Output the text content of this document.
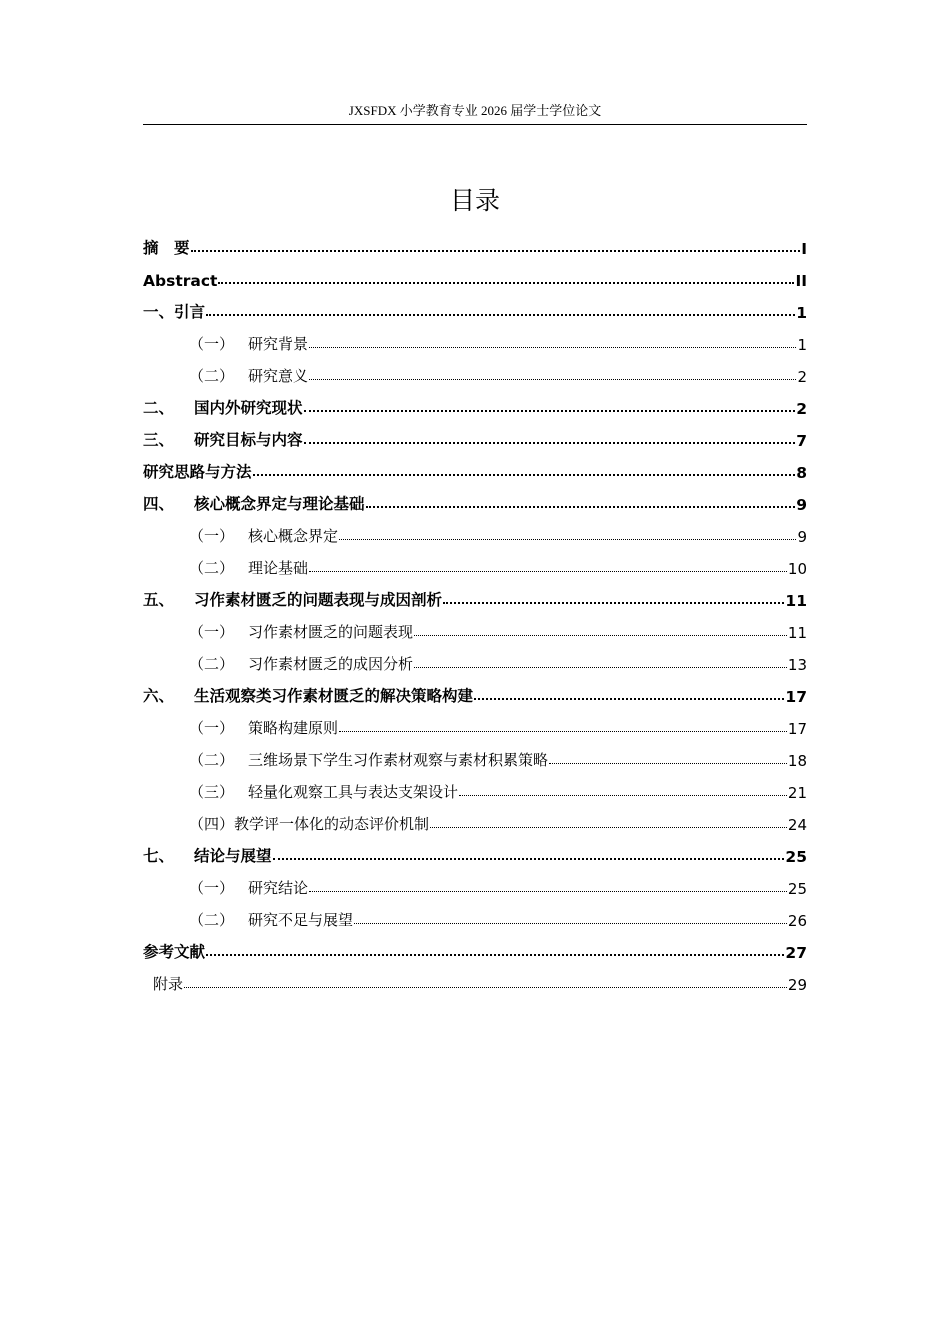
JXSFDX 小学教育专业 2026 届学士学位论文
目录
摘　要	I
Abstract	II
一、引言	1
（一） 研究背景	1
（二） 研究意义	2
二、 国内外研究现状	2
三、 研究目标与内容	7
研究思路与方法	8
四、 核心概念界定与理论基础	9
（一） 核心概念界定	9
（二） 理论基础	10
五、 习作素材匮乏的问题表现与成因剖析	11
（一） 习作素材匮乏的问题表现	11
（二） 习作素材匮乏的成因分析	13
六、 生活观察类习作素材匮乏的解决策略构建	17
（一） 策略构建原则	17
（二） 三维场景下学生习作素材观察与素材积累策略	18
（三） 轻量化观察工具与表达支架设计	21
（四）教学评一体化的动态评价机制	24
七、 结论与展望	25
（一） 研究结论	25
（二） 研究不足与展望	26
参考文献	27
附录	29
